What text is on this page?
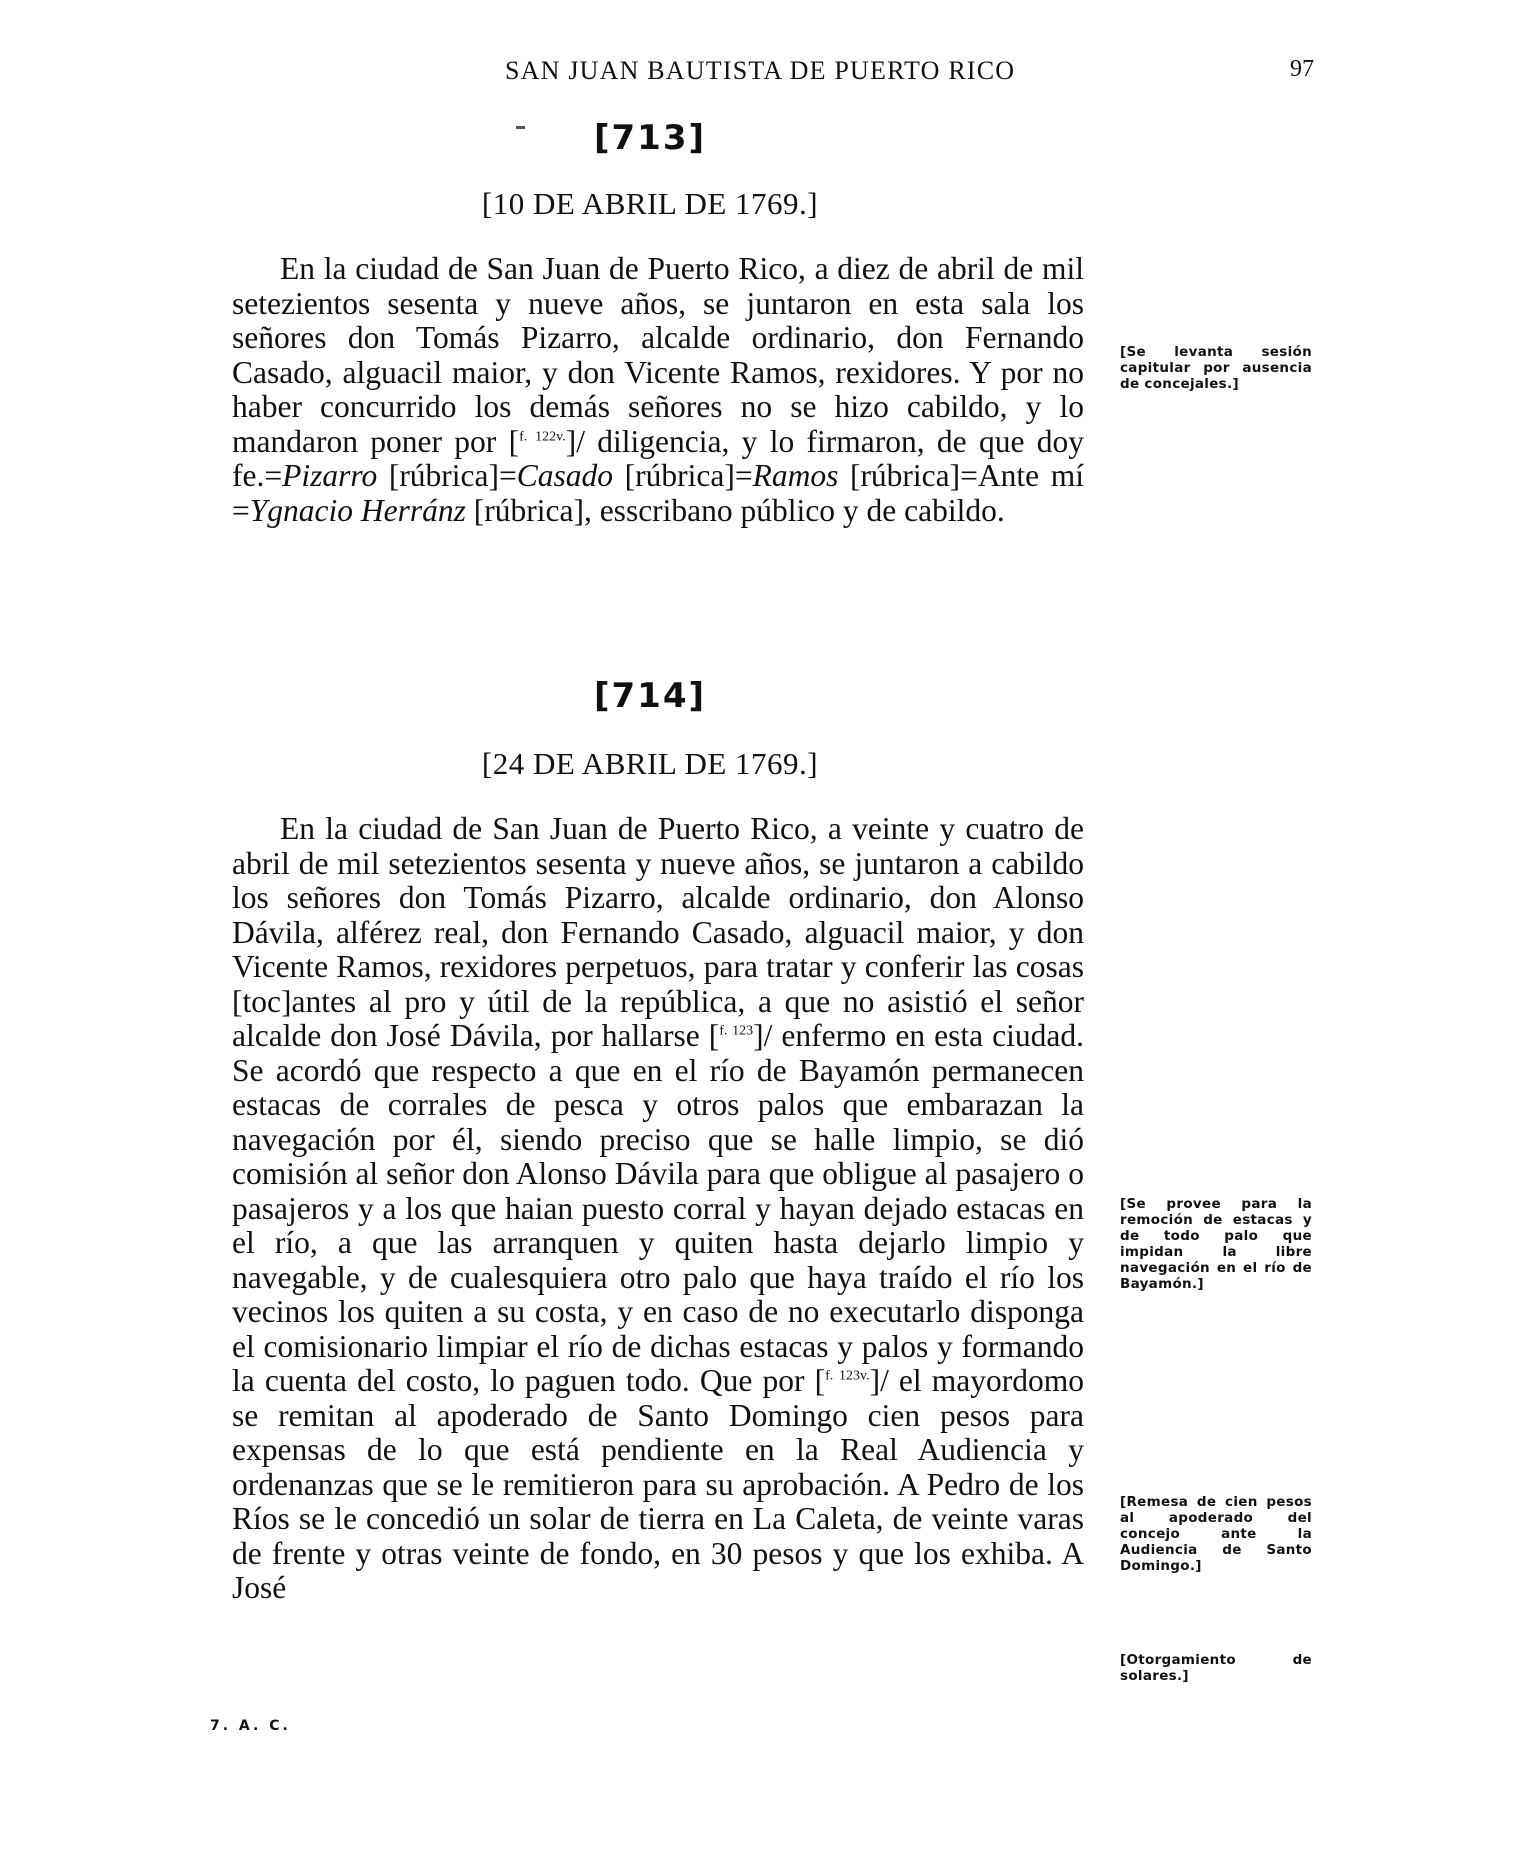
SAN JUAN BAUTISTA DE PUERTO RICO	97
[713]
[10 DE ABRIL DE 1769.]
En la ciudad de San Juan de Puerto Rico, a diez de abril de mil setezientos sesenta y nueve años, se juntaron en esta sala los señores don Tomás Pizarro, alcalde ordinario, don Fernando Casado, alguacil maior, y don Vicente Ramos, rexidores. Y por no haber concurrido los demás señores no se hizo cabildo, y lo mandaron poner por [$^{f. 122v.}$]/ diligencia, y lo firmaron, de que doy fe.=Pizarro [rúbrica]=Casado [rúbrica]=Ramos [rúbrica]=Ante mí =Ygnacio Herránz [rúbrica], esscribano público y de cabildo.
[Se levanta sesión capitular por ausencia de concejales.]
[714]
[24 DE ABRIL DE 1769.]
En la ciudad de San Juan de Puerto Rico, a veinte y cuatro de abril de mil setezientos sesenta y nueve años, se juntaron a cabildo los señores don Tomás Pizarro, alcalde ordinario, don Alonso Dávila, alférez real, don Fernando Casado, alguacil maior, y don Vicente Ramos, rexidores perpetuos, para tratar y conferir las cosas [toc]antes al pro y útil de la república, a que no asistió el señor alcalde don José Dávila, por hallarse [$^{f. 123}$]/ enfermo en esta ciudad. Se acordó que respecto a que en el río de Bayamón permanecen estacas de corrales de pesca y otros palos que embarazan la navegación por él, siendo preciso que se halle limpio, se dió comisión al señor don Alonso Dávila para que obligue al pasajero o pasajeros y a los que haian puesto corral y hayan dejado estacas en el río, a que las arranquen y quiten hasta dejarlo limpio y navegable, y de cualesquiera otro palo que haya traído el río los vecinos los quiten a su costa, y en caso de no executarlo disponga el comisionario limpiar el río de dichas estacas y palos y formando la cuenta del costo, lo paguen todo. Que por [$^{f. 123v.}$]/ el mayordomo se remitan al apoderado de Santo Domingo cien pesos para expensas de lo que está pendiente en la Real Audiencia y ordenanzas que se le remitieron para su aprobación. A Pedro de los Ríos se le concedió un solar de tierra en La Caleta, de veinte varas de frente y otras veinte de fondo, en 30 pesos y que los exhiba. A José
[Se provee para la remoción de estacas y de todo palo que impidan la libre navegación en el río de Bayamón.]
[Remesa de cien pesos al apoderado del concejo ante la Audiencia de Santo Domingo.]
[Otorgamiento de solares.]
7. A. C.
